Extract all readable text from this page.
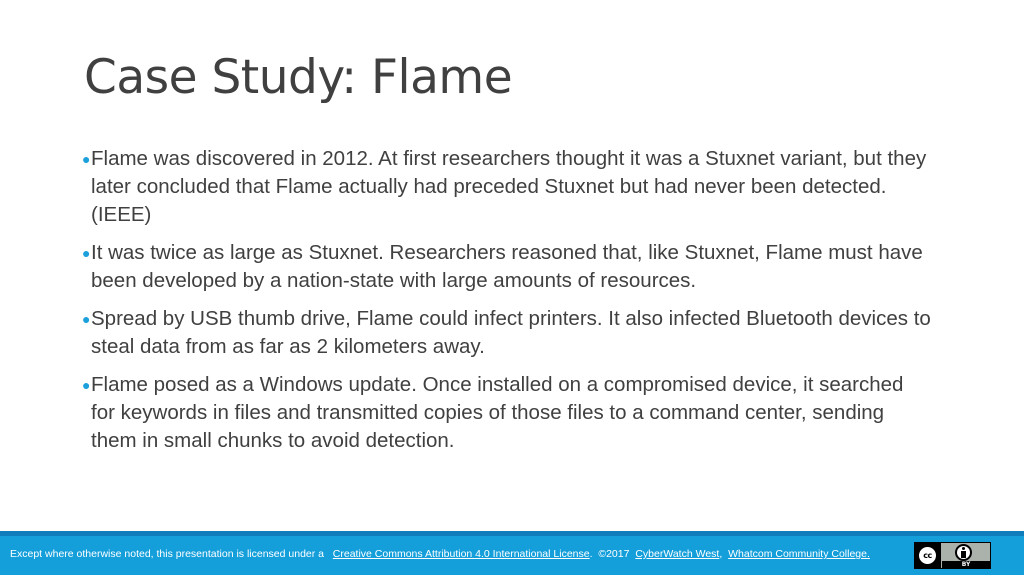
Case Study: Flame
● Flame was discovered in 2012. At first researchers thought it was a Stuxnet variant, but they later concluded that Flame actually had preceded Stuxnet but had never been detected. (IEEE)
● It was twice as large as Stuxnet. Researchers reasoned that, like Stuxnet, Flame must have been developed by a nation-state with large amounts of resources.
● Spread by USB thumb drive, Flame could infect printers. It also infected Bluetooth devices to steal data from as far as 2 kilometers away.
● Flame posed as a Windows update. Once installed on a compromised device, it searched for keywords in files and transmitted copies of those files to a command center, sending them in small chunks to avoid detection.
Except where otherwise noted, this presentation is licensed under a Creative Commons Attribution 4.0 International License. ©2017 CyberWatch West, Whatcom Community College.	cc
BY
